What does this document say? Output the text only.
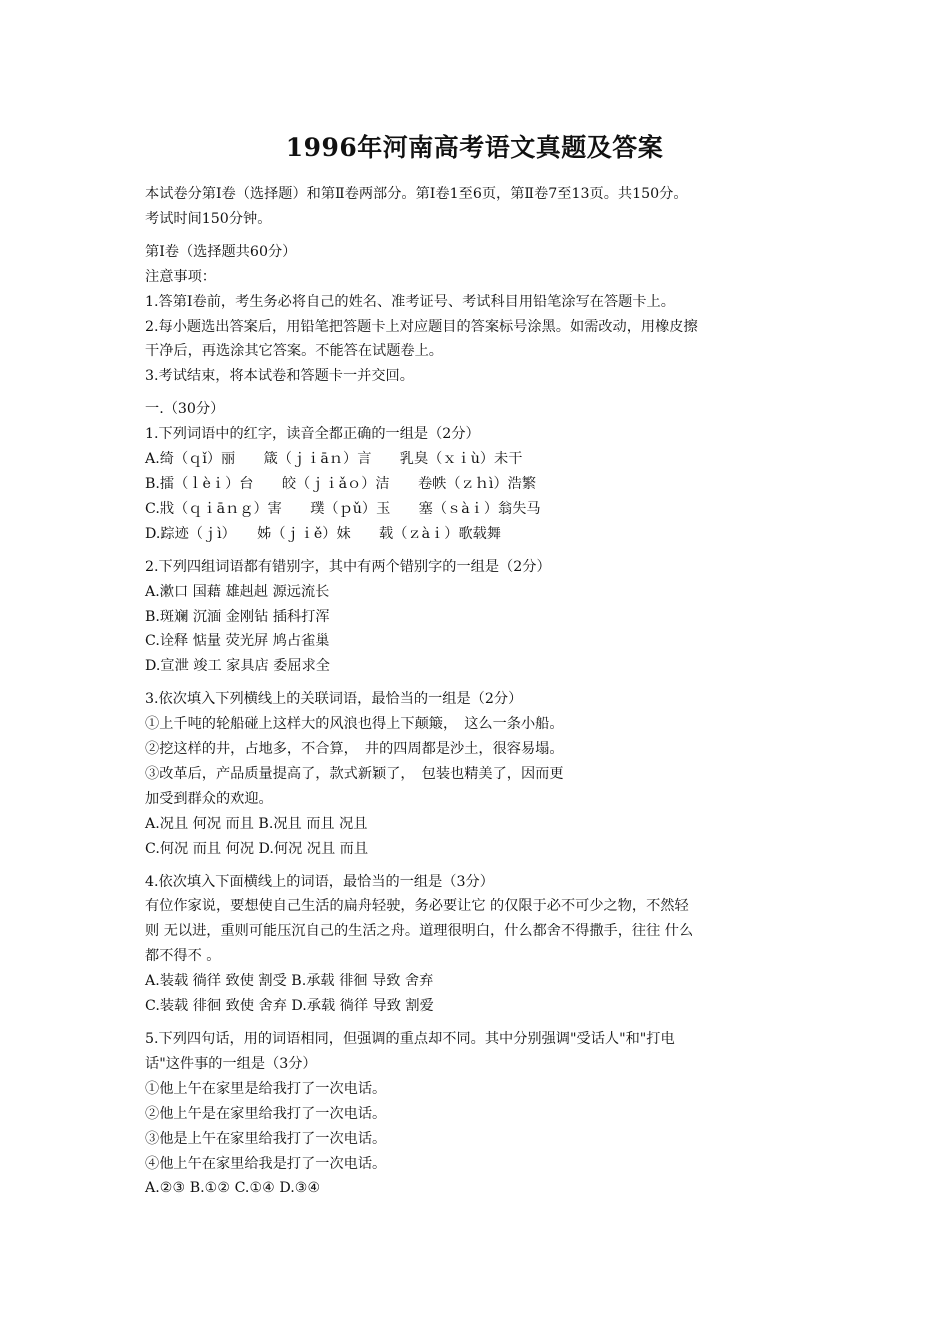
1996年河南高考语文真题及答案

本试卷分第Ⅰ卷（选择题）和第Ⅱ卷两部分。第Ⅰ卷1至6页，第Ⅱ卷7至13页。共150分。

考试时间150分钟。

第Ⅰ卷（选择题共60分）

注意事项：

1.答第Ⅰ卷前，考生务必将自己的姓名、准考证号、考试科目用铅笔涂写在答题卡上。

2.每小题选出答案后，用铅笔把答题卡上对应题目的答案标号涂黑。如需改动，用橡皮擦

干净后，再选涂其它答案。不能答在试题卷上。

3.考试结束，将本试卷和答题卡一并交回。

一.（30分）

1.下列词语中的红字，读音全都正确的一组是（2分）

A.绮（ｑǐ）丽　　箴（ｊｉāｎ）言　　乳臭（ｘｉù）未干

B.擂（ｌèｉ）台　　皎（ｊｉǎｏ）洁　　卷帙（ｚｈì）浩繁

C.戕（ｑｉāｎｇ）害　　璞（ｐǔ）玉　　塞（ｓàｉ）翁失马

D.踪迹（ｊì）　　姊（ｊｉě）妹　　载（ｚàｉ）歌载舞

2.下列四组词语都有错别字，其中有两个错别字的一组是（2分）

A.漱口 国藉 雄赳赳 源远流长

B.斑斓 沉湎 金刚钻 插科打浑

C.诠释 惦量 荧光屏 鸠占雀巢

D.宣泄 竣工 家具店 委屈求全

3.依次填入下列横线上的关联词语，最恰当的一组是（2分）

①上千吨的轮船碰上这样大的风浪也得上下颠簸，　这么一条小船。

②挖这样的井，占地多，不合算，　井的四周都是沙土，很容易塌。

③改革后，产品质量提高了，款式新颖了，　包装也精美了，因而更

加受到群众的欢迎。

A.况且 何况 而且 B.况且 而且 况且

C.何况 而且 何况 D.何况 况且 而且

4.依次填入下面横线上的词语，最恰当的一组是（3分）

有位作家说，要想使自己生活的扁舟轻驶，务必要让它 的仅限于必不可少之物，不然轻

则 无以进，重则可能压沉自己的生活之舟。道理很明白，什么都舍不得撒手，往往 什么

都不得不 。

A.装载 徜徉 致使 割受 B.承载 徘徊 导致 舍弃

C.装载 徘徊 致使 舍弃 D.承载 徜徉 导致 割爱

5.下列四句话，用的词语相同，但强调的重点却不同。其中分别强调"受话人"和"打电

话"这件事的一组是（3分）

①他上午在家里是给我打了一次电话。

②他上午是在家里给我打了一次电话。

③他是上午在家里给我打了一次电话。

④他上午在家里给我是打了一次电话。

A.②③ B.①② C.①④ D.③④
